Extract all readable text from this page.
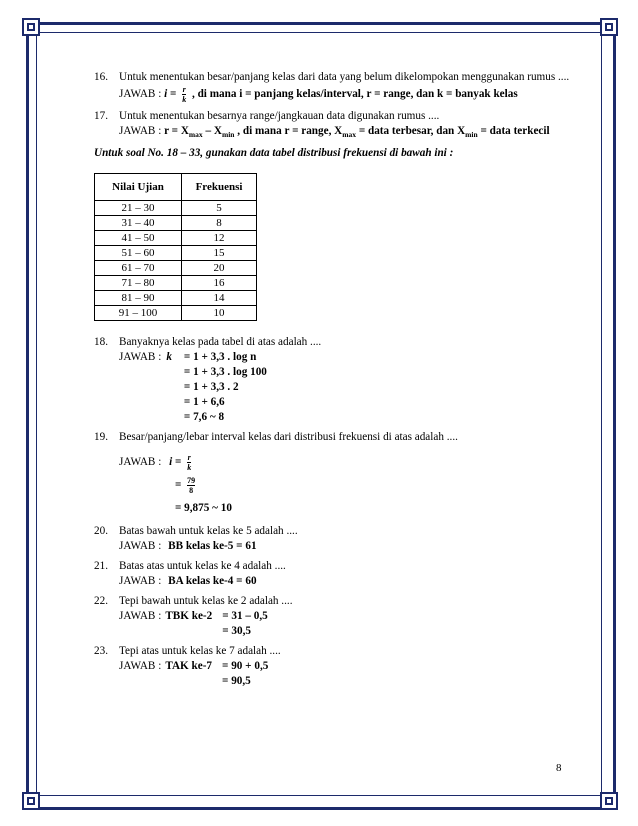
16. Untuk menentukan besar/panjang kelas dari data yang belum dikelompokan menggunakan rumus ....
JAWAB : $i = \frac{r}{k}$ , di mana i = panjang kelas/interval, r = range, dan k = banyak kelas
17. Untuk menentukan besarnya range/jangkauan data digunakan rumus ....
JAWAB : $r = X_{max} - X_{min}$ , di mana r = range, $X_{max}$ = data terbesar, dan $X_{min}$ = data terkecil
Untuk soal No. 18 – 33, gunakan data tabel distribusi frekuensi di bawah ini :
Nilai Ujian	Frekuensi
21 – 30	5
31 – 40	8
41 – 50	12
51 – 60	15
61 – 70	20
71 – 80	16
81 – 90	14
91 – 100	10
18. Banyaknya kelas pada tabel di atas adalah ....
JAWAB : k = 1 + 3,3 . log n
= 1 + 3,3 . log 100
= 1 + 3,3 . 2
= 1 + 6,6
= 7,6 ~ 8
19. Besar/panjang/lebar interval kelas dari distribusi frekuensi di atas adalah ....
JAWAB : $i = \frac{r}{k}$
= $\frac{79}{8}$
= 9,875 ~ 10
20. Batas bawah untuk kelas ke 5 adalah ....
JAWAB : BB kelas ke-5 = 61
21. Batas atas untuk kelas ke 4 adalah ....
JAWAB : BA kelas ke-4 = 60
22. Tepi bawah untuk kelas ke 2 adalah ....
JAWAB : TBK ke-2 = 31 – 0,5
= 30,5
23. Tepi atas untuk kelas ke 7 adalah ....
JAWAB : TAK ke-7 = 90 + 0,5
= 90,5
8
